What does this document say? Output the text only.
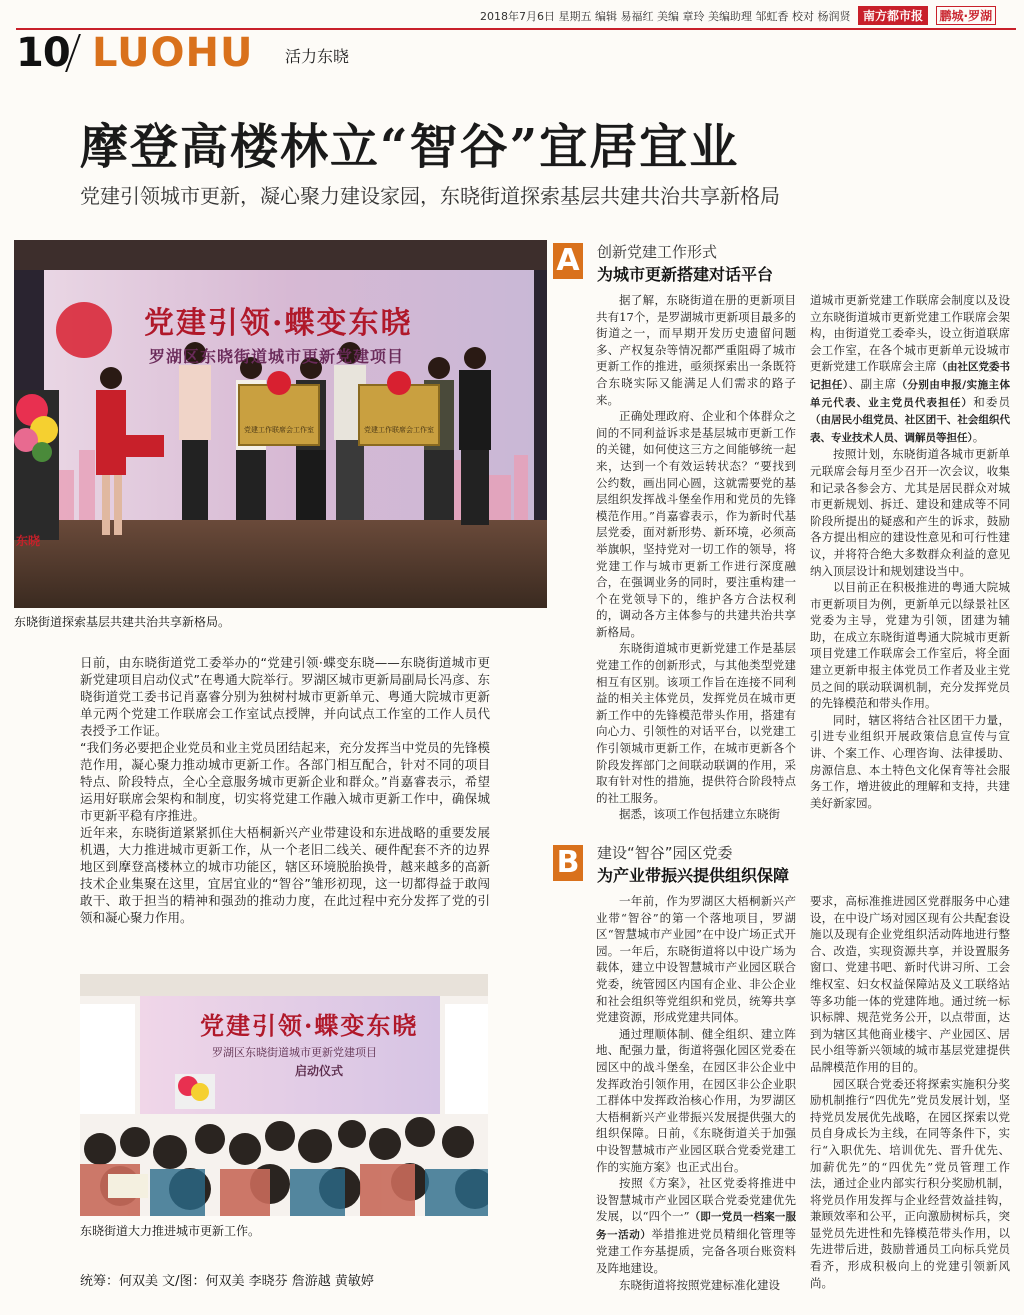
2018年7月6日 星期五 编辑 易福红 美编 章玲 美编助理 邹虹香 校对 杨润贤 南方都市报 鹏城·罗湖
10 LUOHU 活力东晓
摩登高楼林立“智谷”宜居宜业
党建引领城市更新，凝心聚力建设家园，东晓街道探索基层共建共治共享新格局
党建引领·蝶变东晓
罗湖区东晓街道城市更新党建项目
党建工作联席会工作室	党建工作联席会工作室
东晓
东晓街道探索基层共建共治共享新格局。

日前，由东晓街道党工委举办的“党建引领·蝶变东晓——东晓街道城市更新党建项目启动仪式”在粤通大院举行。罗湖区城市更新局副局长冯彦、东晓街道党工委书记肖嘉睿分别为独树村城市更新单元、粤通大院城市更新单元两个党建工作联席会工作室试点授牌，并向试点工作室的工作人员代表授予工作证。

“我们务必要把企业党员和业主党员团结起来，充分发挥当中党员的先锋模范作用，凝心聚力推动城市更新工作。各部门相互配合，针对不同的项目特点、阶段特点，全心全意服务城市更新企业和群众。”肖嘉睿表示，希望运用好联席会架构和制度，切实将党建工作融入城市更新工作中，确保城市更新平稳有序推进。

近年来，东晓街道紧紧抓住大梧桐新兴产业带建设和东进战略的重要发展机遇，大力推进城市更新工作，从一个老旧二线关、硬件配套不齐的边界地区到摩登高楼林立的城市功能区，辖区环境脱胎换骨，越来越多的高新技术企业集聚在这里，宜居宜业的“智谷”雏形初现，这一切都得益于敢闯敢干、敢于担当的精神和强劲的推动力度，在此过程中充分发挥了党的引领和凝心聚力作用。

党建引领·蝶变东晓
罗湖区东晓街道城市更新党建项目
启动仪式
东晓街道大力推进城市更新工作。
统筹：何双美 文/图：何双美 李晓芬 詹游越 黄敏婷
A 创新党建工作形式
为城市更新搭建对话平台

据了解，东晓街道在册的更新项目共有17个，是罗湖城市更新项目最多的街道之一，而早期开发历史遗留问题多、产权复杂等情况都严重阻碍了城市更新工作的推进，亟须探索出一条既符合东晓实际又能满足人们需求的路子来。

正确处理政府、企业和个体群众之间的不同利益诉求是基层城市更新工作的关键，如何使这三方之间能够统一起来，达到一个有效运转状态？“要找到公约数，画出同心圆，这就需要党的基层组织发挥战斗堡垒作用和党员的先锋模范作用。”肖嘉睿表示，作为新时代基层党委，面对新形势、新环境，必须高举旗帜，坚持党对一切工作的领导，将党建工作与城市更新工作进行深度融合，在强调业务的同时，要注重构建一个在党领导下的，维护各方合法权利的，调动各方主体参与的共建共治共享新格局。

东晓街道城市更新党建工作是基层党建工作的创新形式，与其他类型党建相互有区别。该项工作旨在连接不同利益的相关主体党员，发挥党员在城市更新工作中的先锋模范带头作用，搭建有向心力、引领性的对话平台，以党建工作引领城市更新工作，在城市更新各个阶段发挥部门之间联动联调的作用，采取有针对性的措施，提供符合阶段特点的社工服务。

据悉，该项工作包括建立东晓街

道城市更新党建工作联席会制度以及设立东晓街道城市更新党建工作联席会架构，由街道党工委牵头，设立街道联席会工作室，在各个城市更新单元设城市更新党建工作联席会主席（由社区党委书记担任）、副主席（分别由申报/实施主体单元代表、业主党员代表担任）和委员（由居民小组党员、社区团干、社会组织代表、专业技术人员、调解员等担任）。

按照计划，东晓街道各城市更新单元联席会每月至少召开一次会议，收集和记录各参会方、尤其是居民群众对城市更新规划、拆迁、建设和建成等不同阶段所提出的疑惑和产生的诉求，鼓励各方提出相应的建设性意见和可行性建议，并将符合绝大多数群众利益的意见纳入顶层设计和规划建设当中。

以目前正在积极推进的粤通大院城市更新项目为例，更新单元以绿景社区党委为主导，党建为引领，团建为辅助，在成立东晓街道粤通大院城市更新项目党建工作联席会工作室后，将全面建立更新申报主体党员工作者及业主党员之间的联动联调机制，充分发挥党员的先锋模范和带头作用。

同时，辖区将结合社区团干力量，引进专业组织开展政策信息宣传与宣讲、个案工作、心理咨询、法律援助、房源信息、本土特色文化保育等社会服务工作，增进彼此的理解和支持，共建美好新家园。

B 建设“智谷”园区党委
为产业带振兴提供组织保障

一年前，作为罗湖区大梧桐新兴产业带“智谷”的第一个落地项目，罗湖区“智慧城市产业园”在中设广场正式开园。一年后，东晓街道将以中设广场为载体，建立中设智慧城市产业园区联合党委，统管园区内国有企业、非公企业和社会组织等党组织和党员，统筹共享党建资源，形成党建共同体。

通过理顺体制、健全组织、建立阵地、配强力量，街道将强化园区党委在园区中的战斗堡垒，在园区非公企业中发挥政治引领作用，在园区非公企业职工群体中发挥政治核心作用，为罗湖区大梧桐新兴产业带振兴发展提供强大的组织保障。日前，《东晓街道关于加强中设智慧城市产业园区联合党委党建工作的实施方案》也正式出台。

按照《方案》，社区党委将推进中设智慧城市产业园区联合党委党建优先发展，以“四个一”（即一党员一档案一服务一活动）举措推进党员精细化管理等党建工作夯基提质，完备各项台账资料及阵地建设。

东晓街道将按照党建标准化建设

要求，高标准推进园区党群服务中心建设，在中设广场对园区现有公共配套设施以及现有企业党组织活动阵地进行整合、改造，实现资源共享，并设置服务窗口、党建书吧、新时代讲习所、工会维权室、妇女权益保障站及义工联络站等多功能一体的党建阵地。通过统一标识标牌、规范党务公开，以点带面，达到为辖区其他商业楼宇、产业园区、居民小组等新兴领域的城市基层党建提供品牌模范作用的目的。

园区联合党委还将探索实施积分奖励机制推行“四优先”党员发展计划，坚持党员发展优先战略，在园区探索以党员自身成长为主线，在同等条件下，实行“入职优先、培训优先、晋升优先、加薪优先”的“四优先”党员管理工作法，通过企业内部实行积分奖励机制，将党员作用发挥与企业经营效益挂钩，兼顾效率和公平，正向激励树标兵，突显党员先进性和先锋模范带头作用，以先进带后进，鼓励普通员工向标兵党员看齐，形成积极向上的党建引领新风尚。
